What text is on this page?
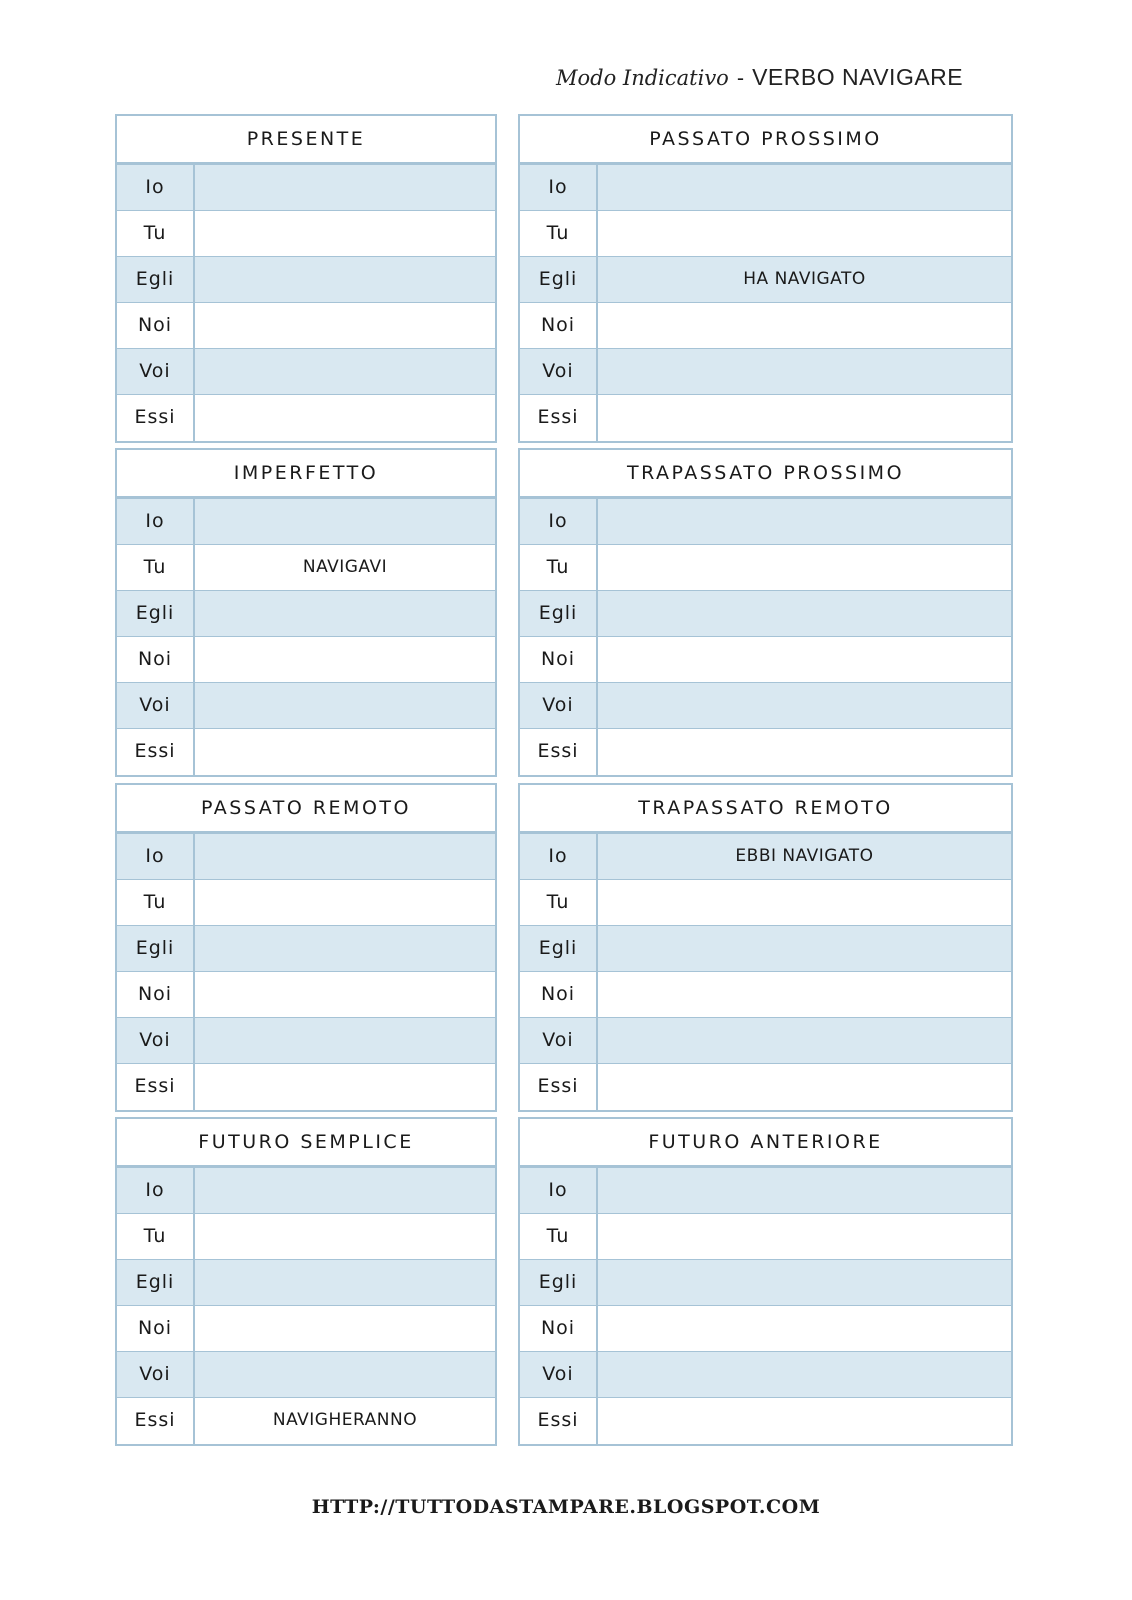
Modo Indicativo - VERBO NAVIGARE
PRESENTE
Io
Tu
Egli
Noi
Voi
Essi
PASSATO PROSSIMO
Io
Tu
Egli	HA NAVIGATO
Noi
Voi
Essi
IMPERFETTO
Io
Tu	NAVIGAVI
Egli
Noi
Voi
Essi
TRAPASSATO PROSSIMO
Io
Tu
Egli
Noi
Voi
Essi
PASSATO REMOTO
Io
Tu
Egli
Noi
Voi
Essi
TRAPASSATO REMOTO
Io	EBBI NAVIGATO
Tu
Egli
Noi
Voi
Essi
FUTURO SEMPLICE
Io
Tu
Egli
Noi
Voi
Essi	NAVIGHERANNO
FUTURO ANTERIORE
Io
Tu
Egli
Noi
Voi
Essi
HTTP://TUTTODASTAMPARE.BLOGSPOT.COM
